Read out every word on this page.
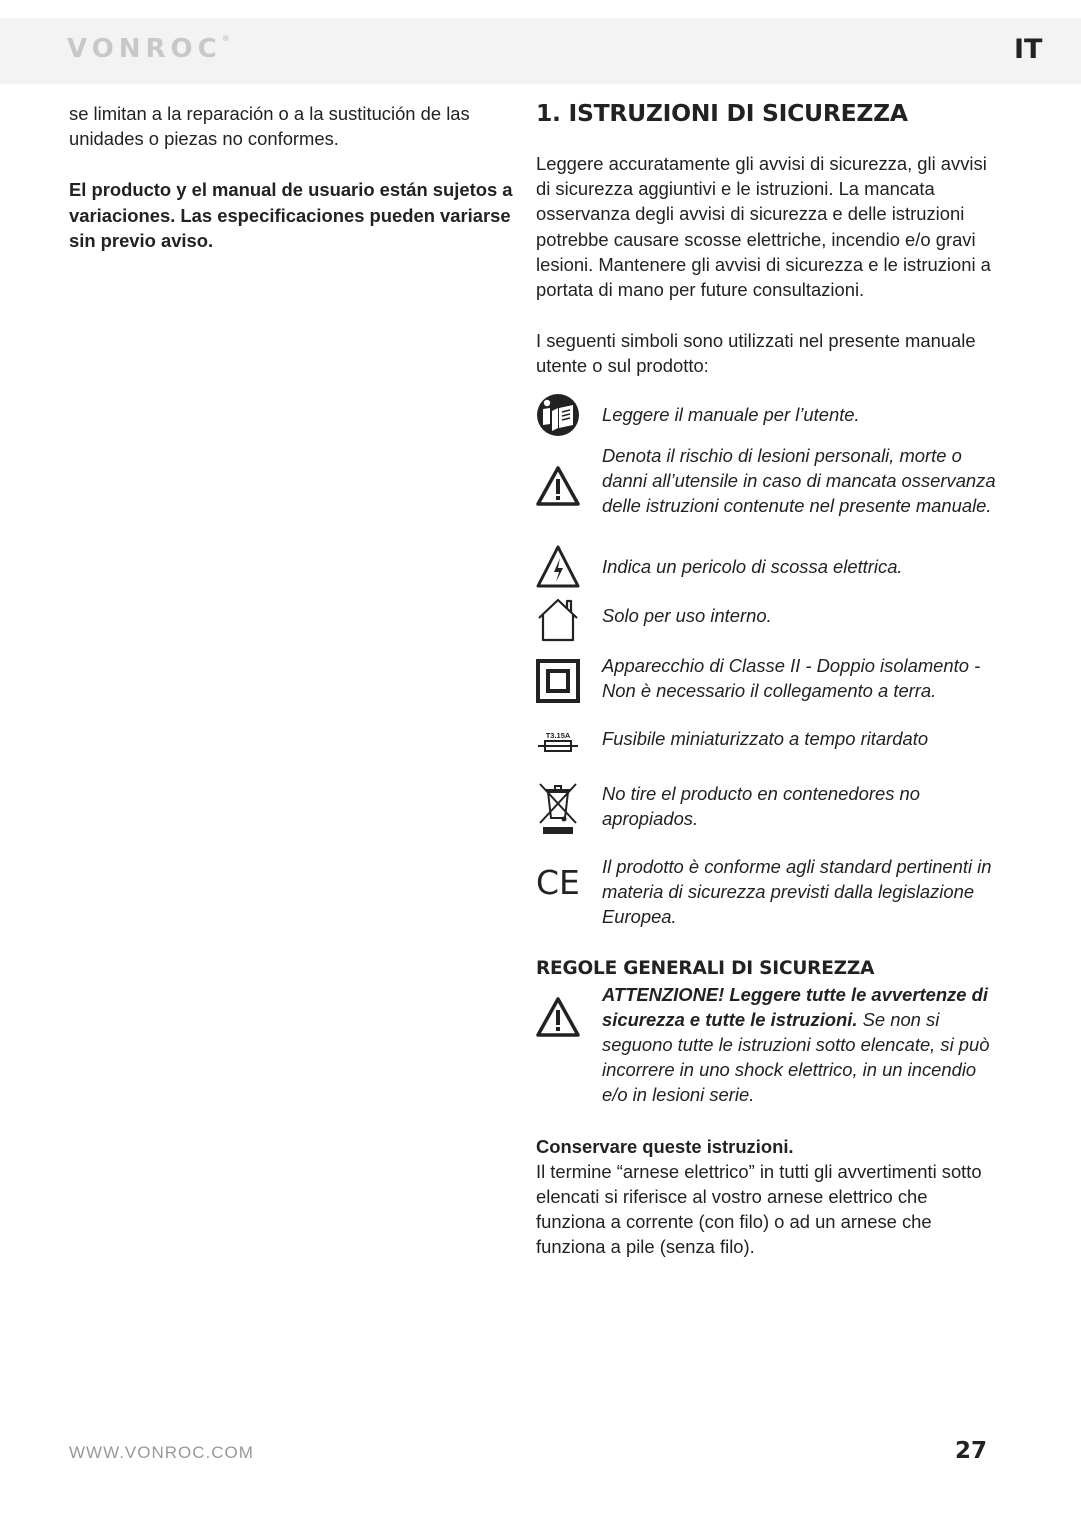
VONROC®	IT

se limitan a la reparación o a la sustitución de las unidades o piezas no conformes.

El producto y el manual de usuario están sujetos a variaciones. Las especificaciones pueden variarse sin previo aviso.

1. ISTRUZIONI DI SICUREZZA

Leggere accuratamente gli avvisi di sicurezza, gli avvisi di sicurezza aggiuntivi e le istruzioni. La mancata osservanza degli avvisi di sicurezza e delle istruzioni potrebbe causare scosse elettriche, incendio e/o gravi lesioni. Mantenere gli avvisi di sicurezza e le istruzioni a portata di mano per future consultazioni.

I seguenti simboli sono utilizzati nel presente manuale utente o sul prodotto:

Leggere il manuale per l’utente.
Denota il rischio di lesioni personali, morte o danni all’utensile in caso di mancata osservanza delle istruzioni contenute nel presente manuale.
Indica un pericolo di scossa elettrica.
Solo per uso interno.
Apparecchio di Classe II - Doppio isolamento - Non è necessario il collegamento a terra.
T3.15A Fusibile miniaturizzato a tempo ritardato
No tire el producto en contenedores no apropiados.
CE Il prodotto è conforme agli standard pertinenti in materia di sicurezza previsti dalla legislazione Europea.
REGOLE GENERALI DI SICUREZZA
ATTENZIONE! Leggere tutte le avvertenze di sicurezza e tutte le istruzioni. Se non si seguono tutte le istruzioni sotto elencate, si può incorrere in uno shock elettrico, in un incendio e/o in lesioni serie.

Conservare queste istruzioni.

Il termine “arnese elettrico” in tutti gli avvertimenti sotto elencati si riferisce al vostro arnese elettrico che funziona a corrente (con filo) o ad un arnese che funziona a pile (senza filo).

WWW.VONROC.COM	27
